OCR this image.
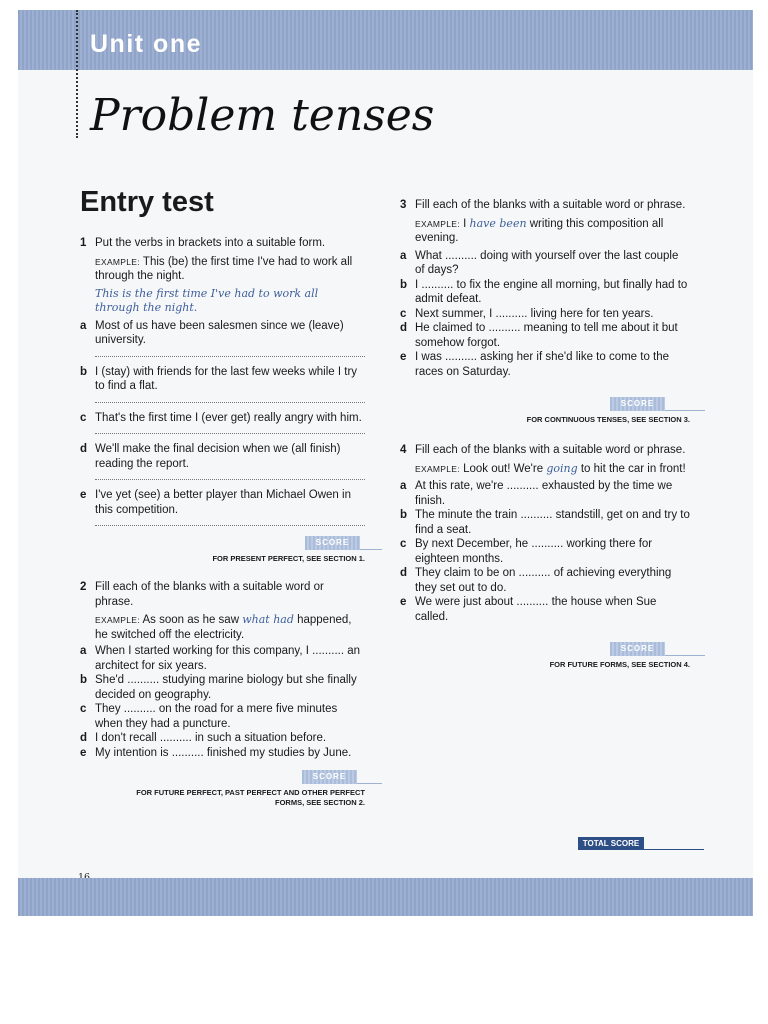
Unit one
Problem tenses
Entry test
1 Put the verbs in brackets into a suitable form.
EXAMPLE: This (be) the first time I've had to work all through the night.
This is the first time I've had to work all through the night.
a Most of us have been salesmen since we (leave) university.
b I (stay) with friends for the last few weeks while I try to find a flat.
c That's the first time I (ever get) really angry with him.
d We'll make the final decision when we (all finish) reading the report.
e I've yet (see) a better player than Michael Owen in this competition.
SCORE
FOR PRESENT PERFECT, SEE SECTION 1.
2 Fill each of the blanks with a suitable word or phrase.
EXAMPLE: As soon as he saw what had happened, he switched off the electricity.
a When I started working for this company, I .......... an architect for six years.
b She'd .......... studying marine biology but she finally decided on geography.
c They .......... on the road for a mere five minutes when they had a puncture.
d I don't recall .......... in such a situation before.
e My intention is .......... finished my studies by June.
SCORE
FOR FUTURE PERFECT, PAST PERFECT AND OTHER PERFECT
FORMS, SEE SECTION 2.
3 Fill each of the blanks with a suitable word or phrase.
EXAMPLE: I have been writing this composition all evening.
a What .......... doing with yourself over the last couple of days?
b I .......... to fix the engine all morning, but finally had to admit defeat.
c Next summer, I .......... living here for ten years.
d He claimed to .......... meaning to tell me about it but somehow forgot.
e I was .......... asking her if she'd like to come to the races on Saturday.
SCORE
FOR CONTINUOUS TENSES, SEE SECTION 3.
4 Fill each of the blanks with a suitable word or phrase.
EXAMPLE: Look out! We're going to hit the car in front!
a At this rate, we're .......... exhausted by the time we finish.
b The minute the train .......... standstill, get on and try to find a seat.
c By next December, he .......... working there for eighteen months.
d They claim to be on .......... of achieving everything they set out to do.
e We were just about .......... the house when Sue called.
SCORE
FOR FUTURE FORMS, SEE SECTION 4.
TOTAL SCORE
